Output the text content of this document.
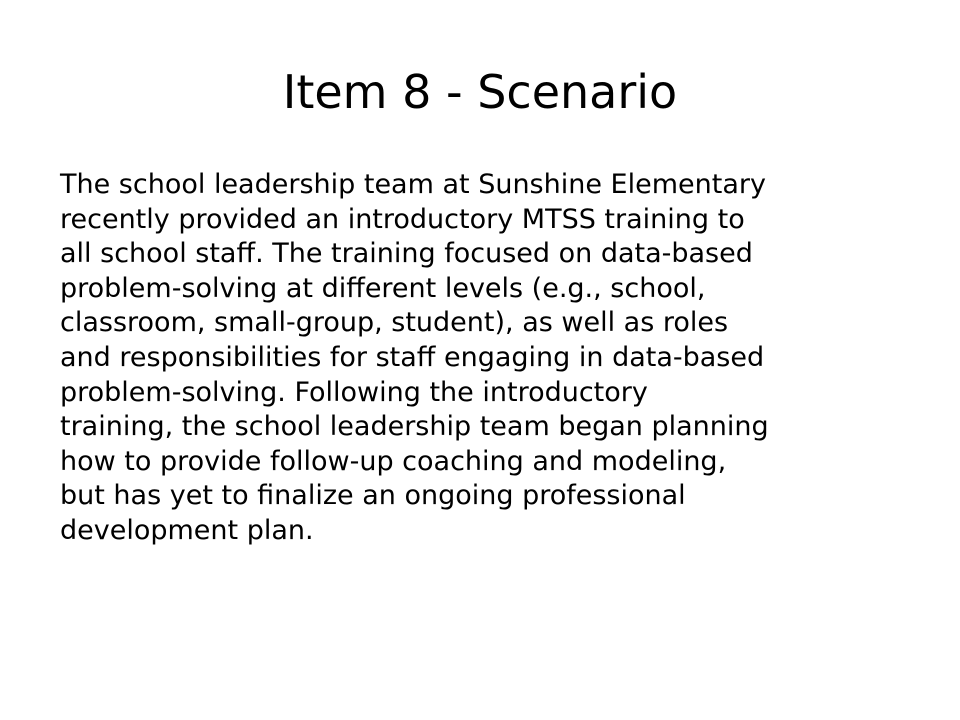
Item 8 - Scenario

The school leadership team at Sunshine Elementary
recently provided an introductory MTSS training to
all school staff. The training focused on data-based
problem-solving at different levels (e.g., school,
classroom, small-group, student), as well as roles
and responsibilities for staff engaging in data-based
problem-solving. Following the introductory
training, the school leadership team began planning
how to provide follow-up coaching and modeling,
but has yet to finalize an ongoing professional
development plan.
